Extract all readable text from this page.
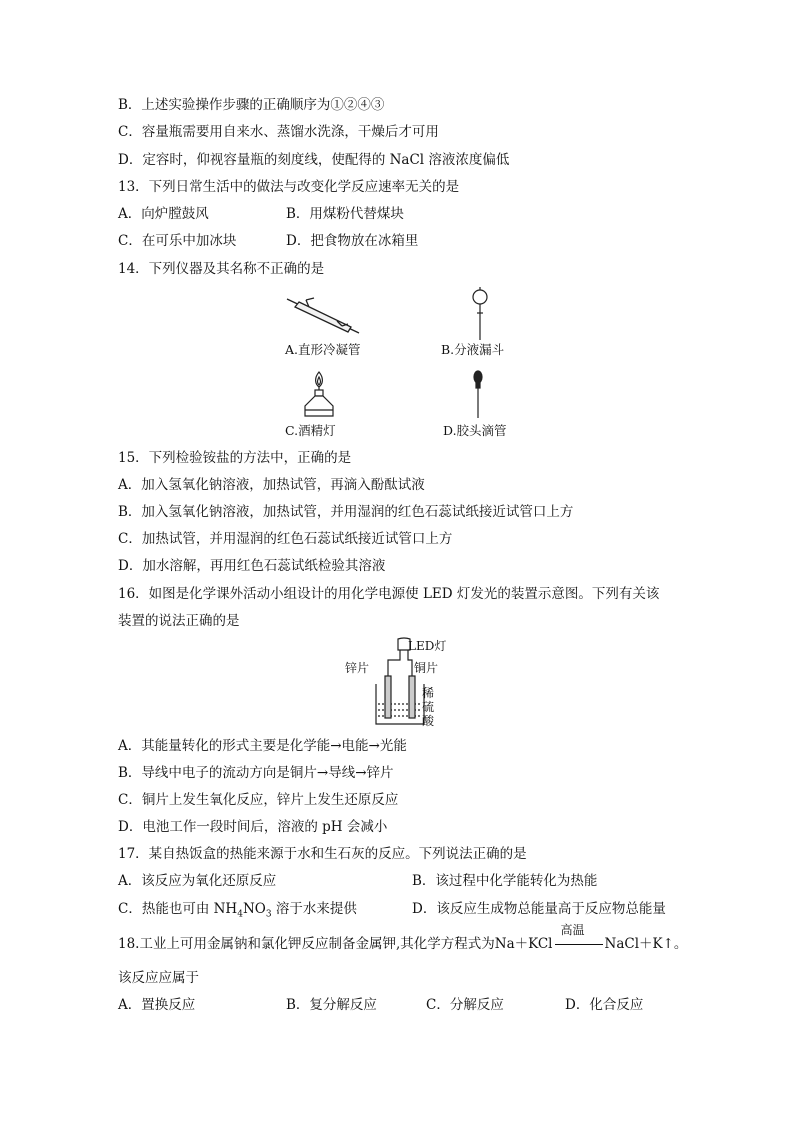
B．上述实验操作步骤的正确顺序为①②④③
C．容量瓶需要用自来水、蒸馏水洗涤，干燥后才可用
D．定容时，仰视容量瓶的刻度线，使配得的 NaCl 溶液浓度偏低
13．下列日常生活中的做法与改变化学反应速率无关的是
A．向炉膛鼓风	B．用煤粉代替煤块
C．在可乐中加冰块	D．把食物放在冰箱里
14．下列仪器及其名称不正确的是
A.直形冷凝管	B.分液漏斗
C.酒精灯	D.胶头滴管
15．下列检验铵盐的方法中，正确的是
A．加入氢氧化钠溶液，加热试管，再滴入酚酞试液
B．加入氢氧化钠溶液，加热试管，并用湿润的红色石蕊试纸接近试管口上方
C．加热试管，并用湿润的红色石蕊试纸接近试管口上方
D．加水溶解，再用红色石蕊试纸检验其溶液
16．如图是化学课外活动小组设计的用化学电源使 LED 灯发光的装置示意图。下列有关该
装置的说法正确的是
LED灯
锌片	铜片
稀
硫
酸
A．其能量转化的形式主要是化学能→电能→光能
B．导线中电子的流动方向是铜片→导线→锌片
C．铜片上发生氧化反应，锌片上发生还原反应
D．电池工作一段时间后，溶液的 pH 会减小
17．某自热饭盒的热能来源于水和生石灰的反应。下列说法正确的是
A．该反应为氧化还原反应	B．该过程中化学能转化为热能
C．热能也可由 $NH_4NO_3$ 溶于水来提供	D．该反应生成物总能量高于反应物总能量
18.工业上可用金属钠和氯化钾反应制备金属钾,其化学方程式为Na＋KCl
高温
NaCl＋K↑。
该反应应属于
A．置换反应	B．复分解反应	C．分解反应	D．化合反应
